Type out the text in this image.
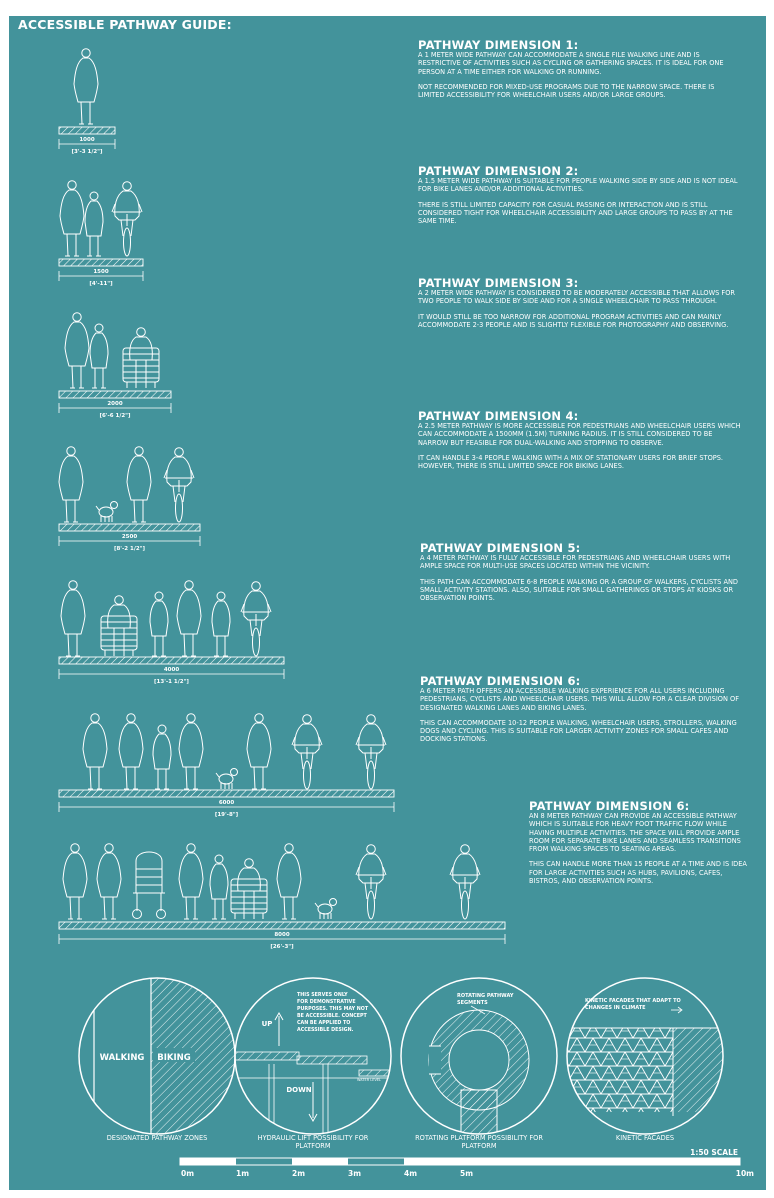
ACCESSIBLE PATHWAY GUIDE:
1000
[3'-3 1/2"]
1500
[4'-11"]
2000
[6'-6 1/2"]
2500
[8'-2 1/2"]
4000
[13'-1 1/2"]
6000
[19'-8"]
8000
[26'-3"]
WALKING BIKING
UP
DOWN
WATER LEVEL
THIS SERVES ONLY
FOR DEMONSTRATIVE
PURPOSES. THIS MAY NOT
BE ACCESSIBLE. CONCEPT
CAN BE APPLIED TO
ACCESSIBLE DESIGN.
ROTATING PATHWAY
SEGMENTS	KINETIC FACADES THAT ADAPT TO
CHANGES IN CLIMATE
1:50 SCALE
0m	1m	2m	3m	4m	5m	10m
PATHWAY DIMENSION 1:

A 1 METER WIDE PATHWAY CAN ACCOMMODATE A SINGLE FILE WALKING LINE AND IS RESTRICTIVE OF ACTIVITIES SUCH AS CYCLING OR GATHERING SPACES. IT IS IDEAL FOR ONE PERSON AT A TIME EITHER FOR WALKING OR RUNNING.

NOT RECOMMENDED FOR MIXED-USE PROGRAMS DUE TO THE NARROW SPACE. THERE IS LIMITED ACCESSIBILITY FOR WHEELCHAIR USERS AND/OR LARGE GROUPS.

PATHWAY DIMENSION 2:

A 1.5 METER WIDE PATHWAY IS SUITABLE FOR PEOPLE WALKING SIDE BY SIDE AND IS NOT IDEAL FOR BIKE LANES AND/OR ADDITIONAL ACTIVITIES.

THERE IS STILL LIMITED CAPACITY FOR CASUAL PASSING OR INTERACTION AND IS STILL CONSIDERED TIGHT FOR WHEELCHAIR ACCESSIBILITY AND LARGE GROUPS TO PASS BY AT THE SAME TIME.

PATHWAY DIMENSION 3:

A 2 METER WIDE PATHWAY IS CONSIDERED TO BE MODERATELY ACCESSIBLE THAT ALLOWS FOR TWO PEOPLE TO WALK SIDE BY SIDE AND FOR A SINGLE WHEELCHAIR TO PASS THROUGH.

IT WOULD STILL BE TOO NARROW FOR ADDITIONAL PROGRAM ACTIVITIES AND CAN MAINLY ACCOMMODATE 2-3 PEOPLE AND IS SLIGHTLY FLEXIBLE FOR PHOTOGRAPHY AND OBSERVING.

PATHWAY DIMENSION 4:

A 2.5 METER PATHWAY IS MORE ACCESSIBLE FOR PEDESTRIANS AND WHEELCHAIR USERS WHICH CAN ACCOMMODATE A 1500MM (1.5M) TURNING RADIUS. IT IS STILL CONSIDERED TO BE NARROW BUT FEASIBLE FOR DUAL-WALKING AND STOPPING TO OBSERVE.

IT CAN HANDLE 3-4 PEOPLE WALKING WITH A MIX OF STATIONARY USERS FOR BRIEF STOPS. HOWEVER, THERE IS STILL LIMITED SPACE FOR BIKING LANES.

PATHWAY DIMENSION 5:

A 4 METER PATHWAY IS FULLY ACCESSIBLE FOR PEDESTRIANS AND WHEELCHAIR USERS WITH AMPLE SPACE FOR MULTI-USE SPACES LOCATED WITHIN THE VICINITY.

THIS PATH CAN ACCOMMODATE 6-8 PEOPLE WALKING OR A GROUP OF WALKERS, CYCLISTS AND SMALL ACTIVITY STATIONS. ALSO, SUITABLE FOR SMALL GATHERINGS OR STOPS AT KIOSKS OR OBSERVATION POINTS.

PATHWAY DIMENSION 6:

A 6 METER PATH OFFERS AN ACCESSIBLE WALKING EXPERIENCE FOR ALL USERS INCLUDING PEDESTRIANS, CYCLISTS AND WHEELCHAIR USERS. THIS WILL ALLOW FOR A CLEAR DIVISION OF DESIGNATED WALKING LANES AND BIKING LANES.

THIS CAN ACCOMMODATE 10-12 PEOPLE WALKING, WHEELCHAIR USERS, STROLLERS, WALKING DOGS AND CYCLING. THIS IS SUITABLE FOR LARGER ACTIVITY ZONES FOR SMALL CAFES AND DOCKING STATIONS.

PATHWAY DIMENSION 6:

AN 8 METER PATHWAY CAN PROVIDE AN ACCESSIBLE PATHWAY WHICH IS SUITABLE FOR HEAVY FOOT TRAFFIC FLOW WHILE HAVING MULTIPLE ACTIVITIES. THE SPACE WILL PROVIDE AMPLE ROOM FOR SEPARATE BIKE LANES AND SEAMLESS TRANSITIONS FROM WALKING SPACES TO SEATING AREAS.

THIS CAN HANDLE MORE THAN 15 PEOPLE AT A TIME AND IS IDEA FOR LARGE ACTIVITIES SUCH AS HUBS, PAVILIONS, CAFES, BISTROS, AND OBSERVATION POINTS.

DESIGNATED PATHWAY ZONES	HYDRAULIC LIFT POSSIBILITY FOR PLATFORM
ROTATING PLATFORM POSSIBILITY FOR PLATFORM
KINETIC FACADES
